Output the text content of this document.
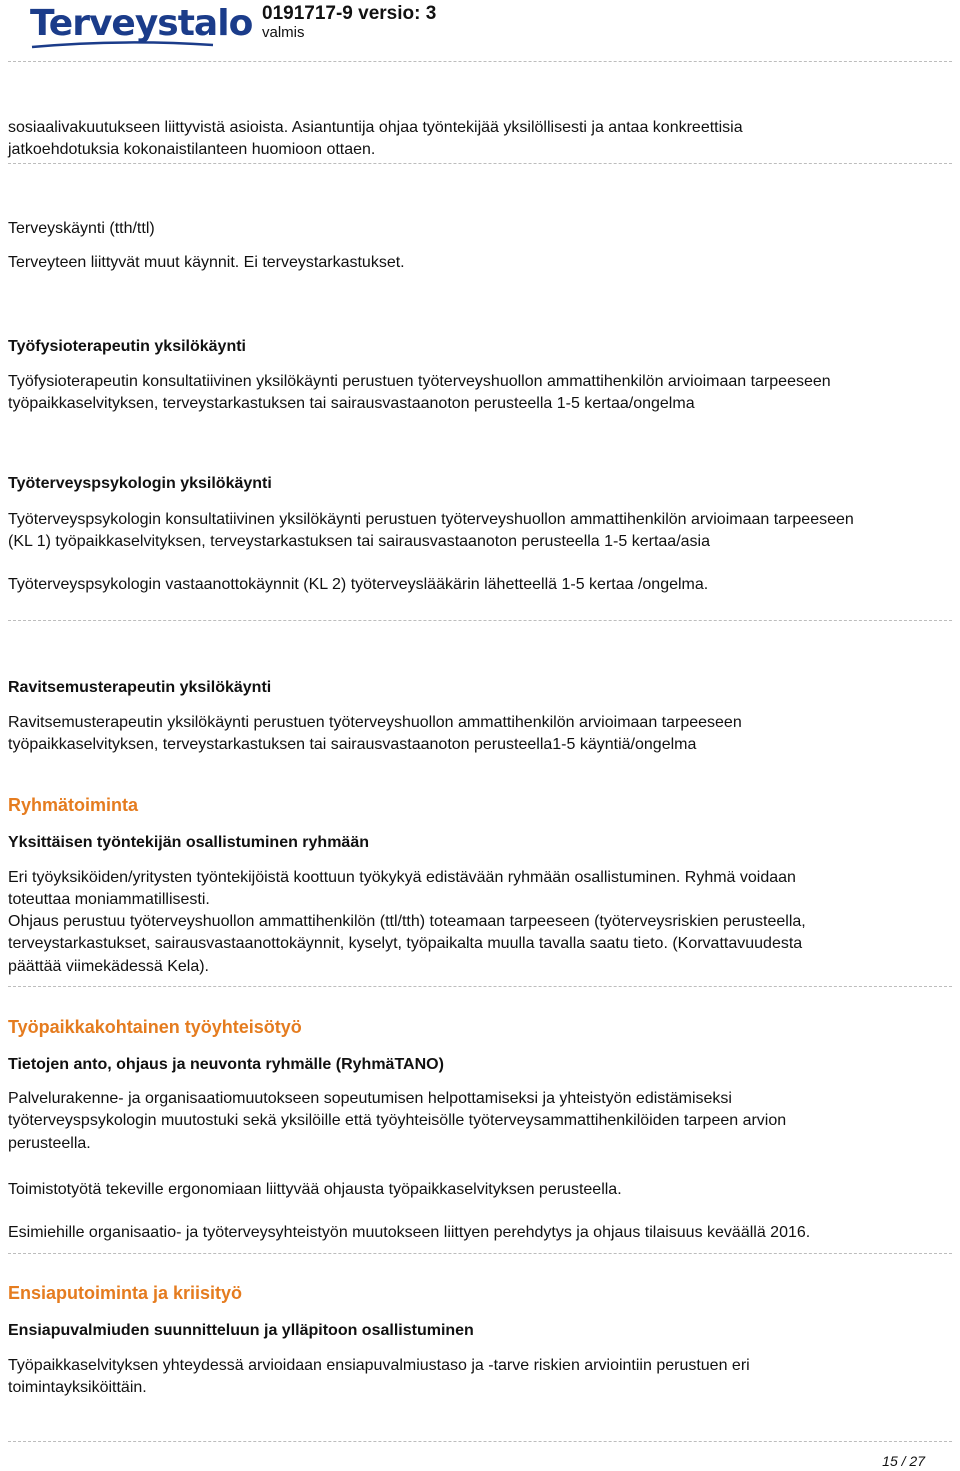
Terveystalo 0191717-9 versio: 3
valmis

sosiaalivakuutukseen liittyvistä asioista. Asiantuntija ohjaa työntekijää yksilöllisesti ja antaa konkreettisia

jatkoehdotuksia kokonaistilanteen huomioon ottaen.

Terveyskäynti (tth/ttl)

Terveyteen liittyvät muut käynnit. Ei terveystarkastukset.

Työfysioterapeutin yksilökäynti

Työfysioterapeutin konsultatiivinen yksilökäynti perustuen työterveyshuollon ammattihenkilön arvioimaan tarpeeseen

työpaikkaselvityksen, terveystarkastuksen tai sairausvastaanoton perusteella 1-5 kertaa/ongelma

Työterveyspsykologin yksilökäynti

Työterveyspsykologin konsultatiivinen yksilökäynti perustuen työterveyshuollon ammattihenkilön arvioimaan tarpeeseen

(KL 1) työpaikkaselvityksen, terveystarkastuksen tai sairausvastaanoton perusteella 1-5 kertaa/asia

Työterveyspsykologin vastaanottokäynnit (KL 2) työterveyslääkärin lähetteellä 1-5 kertaa /ongelma.

Ravitsemusterapeutin yksilökäynti

Ravitsemusterapeutin yksilökäynti perustuen työterveyshuollon ammattihenkilön arvioimaan tarpeeseen

työpaikkaselvityksen, terveystarkastuksen tai sairausvastaanoton perusteella1-5 käyntiä/ongelma

Ryhmätoiminta

Yksittäisen työntekijän osallistuminen ryhmään

Eri työyksiköiden/yritysten työntekijöistä koottuun työkykyä edistävään ryhmään osallistuminen. Ryhmä voidaan

toteuttaa moniammatillisesti.

Ohjaus perustuu työterveyshuollon ammattihenkilön (ttl/tth) toteamaan tarpeeseen (työterveysriskien perusteella,

terveystarkastukset, sairausvastaanottokäynnit, kyselyt, työpaikalta muulla tavalla saatu tieto. (Korvattavuudesta

päättää viimekädessä Kela).

Työpaikkakohtainen työyhteisötyö

Tietojen anto, ohjaus ja neuvonta ryhmälle (RyhmäTANO)

Palvelurakenne- ja organisaatiomuutokseen sopeutumisen helpottamiseksi ja yhteistyön edistämiseksi

työterveyspsykologin muutostuki sekä yksilöille että työyhteisölle työterveysammattihenkilöiden tarpeen arvion

perusteella.

Toimistotyötä tekeville ergonomiaan liittyvää ohjausta työpaikkaselvityksen perusteella.

Esimiehille organisaatio- ja työterveysyhteistyön muutokseen liittyen perehdytys ja ohjaus tilaisuus keväällä 2016.

Ensiaputoiminta ja kriisityö

Ensiapuvalmiuden suunnitteluun ja ylläpitoon osallistuminen

Työpaikkaselvityksen yhteydessä arvioidaan ensiapuvalmiustaso ja -tarve riskien arviointiin perustuen eri

toimintayksiköittäin.

15 / 27
